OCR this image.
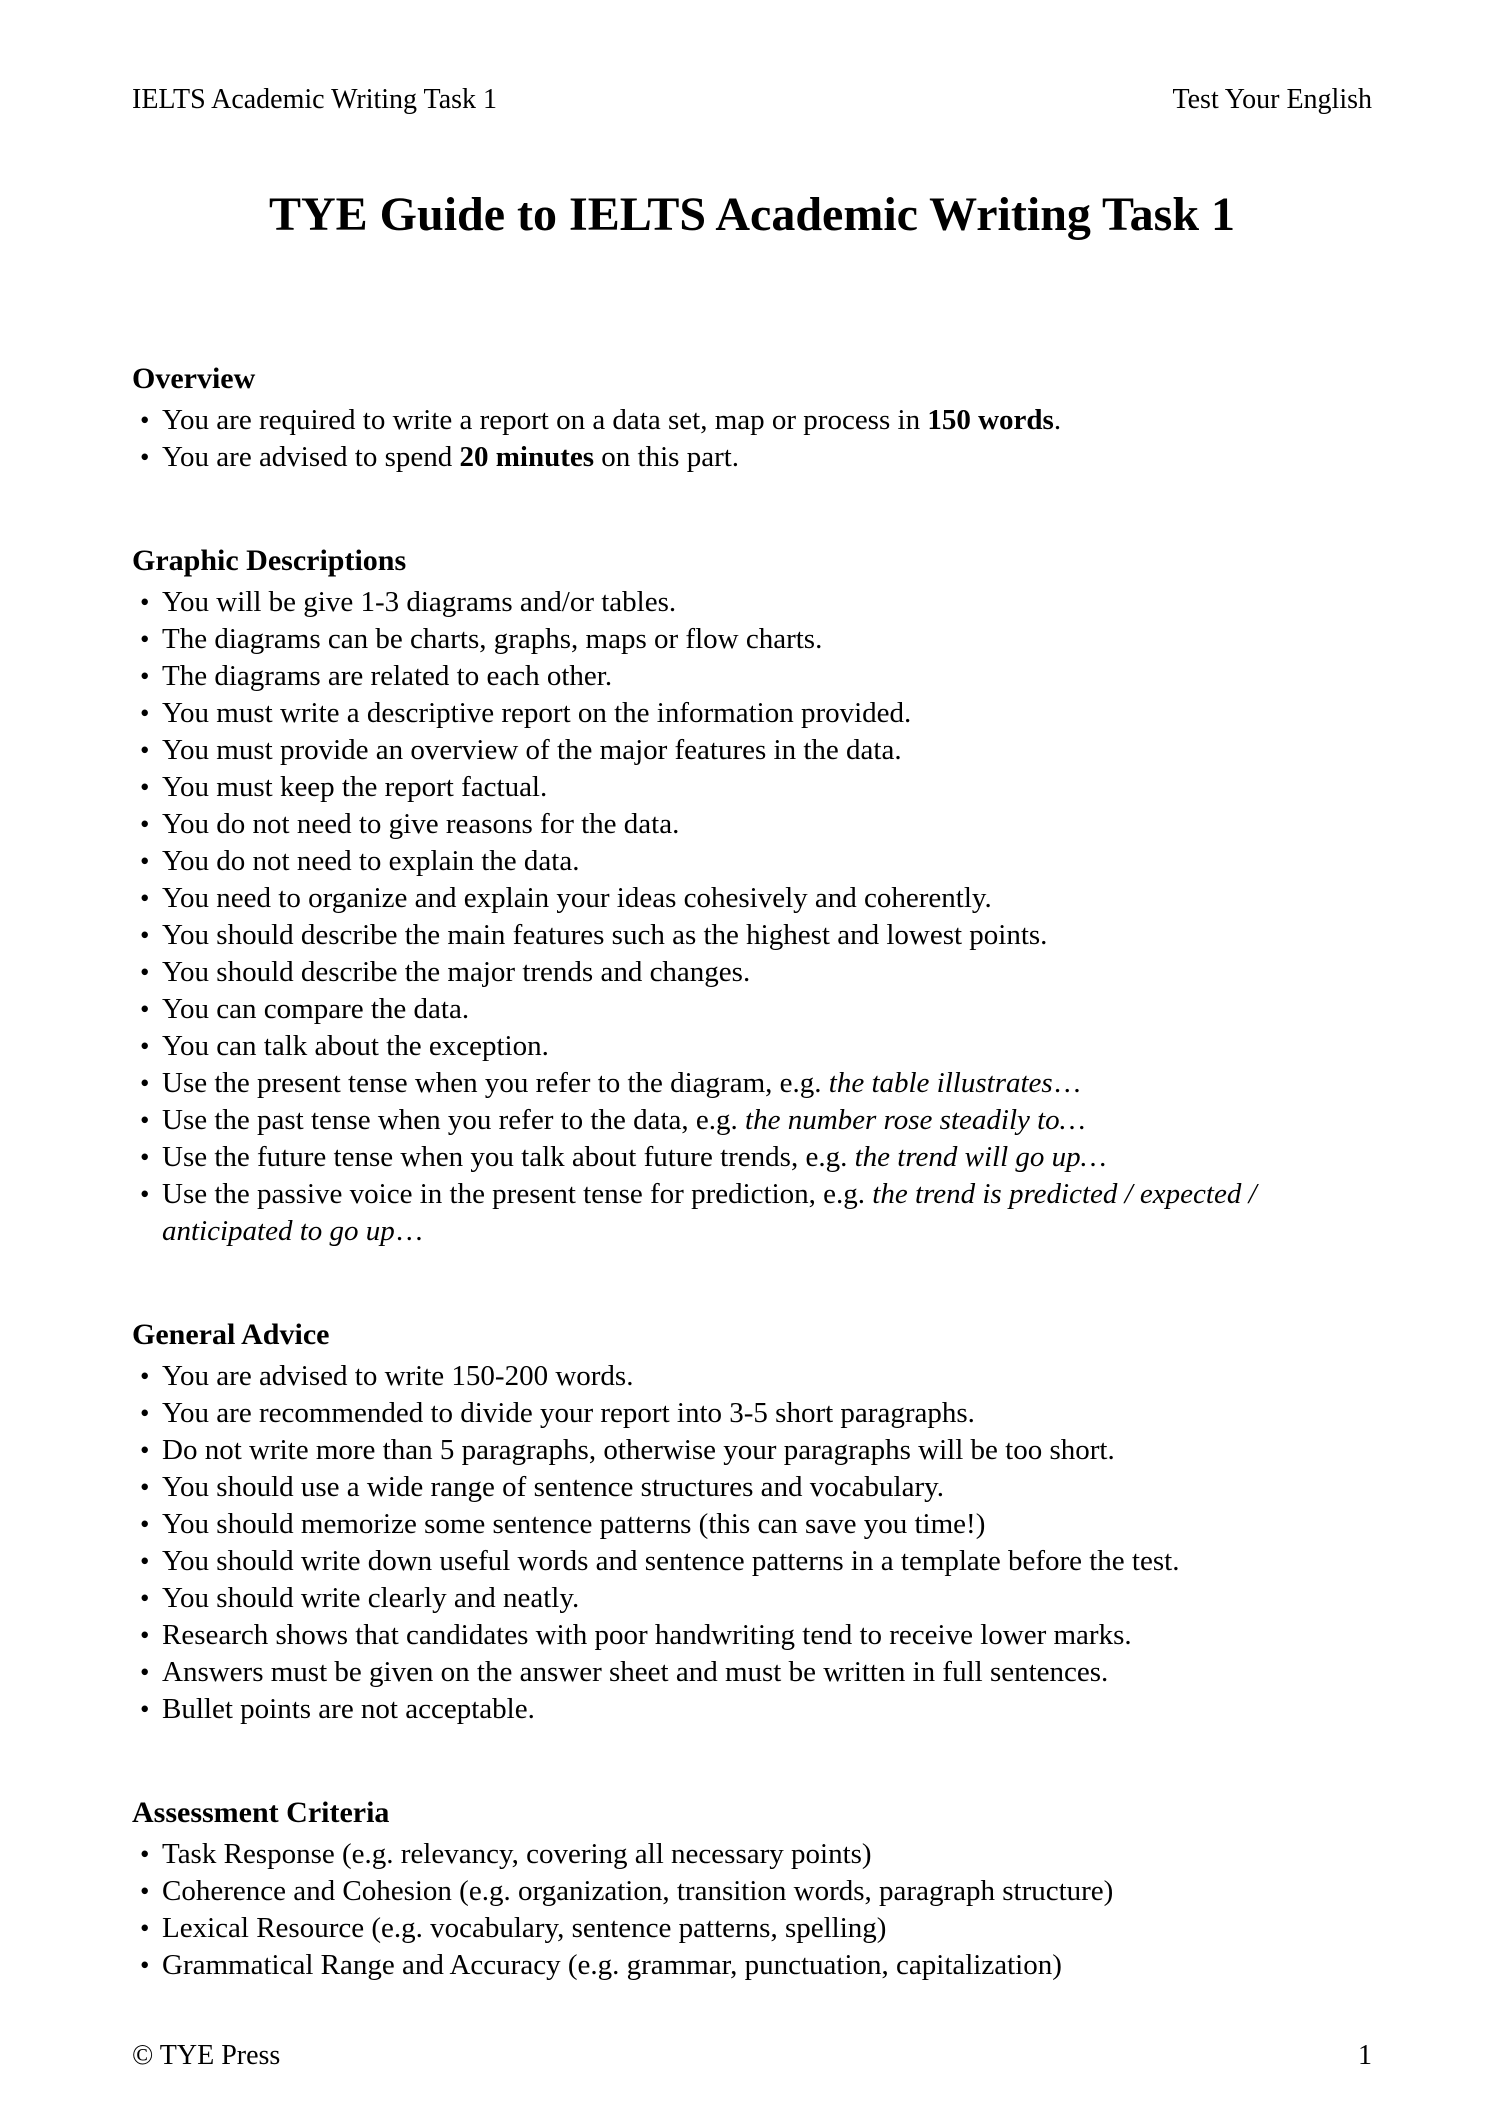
IELTS Academic Writing Task 1	Test Your English
TYE Guide to IELTS Academic Writing Task 1
Overview
• You are required to write a report on a data set, map or process in 150 words.
• You are advised to spend 20 minutes on this part.
Graphic Descriptions
• You will be give 1-3 diagrams and/or tables.
• The diagrams can be charts, graphs, maps or flow charts.
• The diagrams are related to each other.
• You must write a descriptive report on the information provided.
• You must provide an overview of the major features in the data.
• You must keep the report factual.
• You do not need to give reasons for the data.
• You do not need to explain the data.
• You need to organize and explain your ideas cohesively and coherently.
• You should describe the main features such as the highest and lowest points.
• You should describe the major trends and changes.
• You can compare the data.
• You can talk about the exception.
• Use the present tense when you refer to the diagram, e.g. the table illustrates…
• Use the past tense when you refer to the data, e.g. the number rose steadily to…
• Use the future tense when you talk about future trends, e.g. the trend will go up…
• Use the passive voice in the present tense for prediction, e.g. the trend is predicted / expected / anticipated to go up…
General Advice
• You are advised to write 150-200 words.
• You are recommended to divide your report into 3-5 short paragraphs.
• Do not write more than 5 paragraphs, otherwise your paragraphs will be too short.
• You should use a wide range of sentence structures and vocabulary.
• You should memorize some sentence patterns (this can save you time!)
• You should write down useful words and sentence patterns in a template before the test.
• You should write clearly and neatly.
• Research shows that candidates with poor handwriting tend to receive lower marks.
• Answers must be given on the answer sheet and must be written in full sentences.
• Bullet points are not acceptable.
Assessment Criteria
• Task Response (e.g. relevancy, covering all necessary points)
• Coherence and Cohesion (e.g. organization, transition words, paragraph structure)
• Lexical Resource (e.g. vocabulary, sentence patterns, spelling)
• Grammatical Range and Accuracy (e.g. grammar, punctuation, capitalization)
© TYE Press	1
